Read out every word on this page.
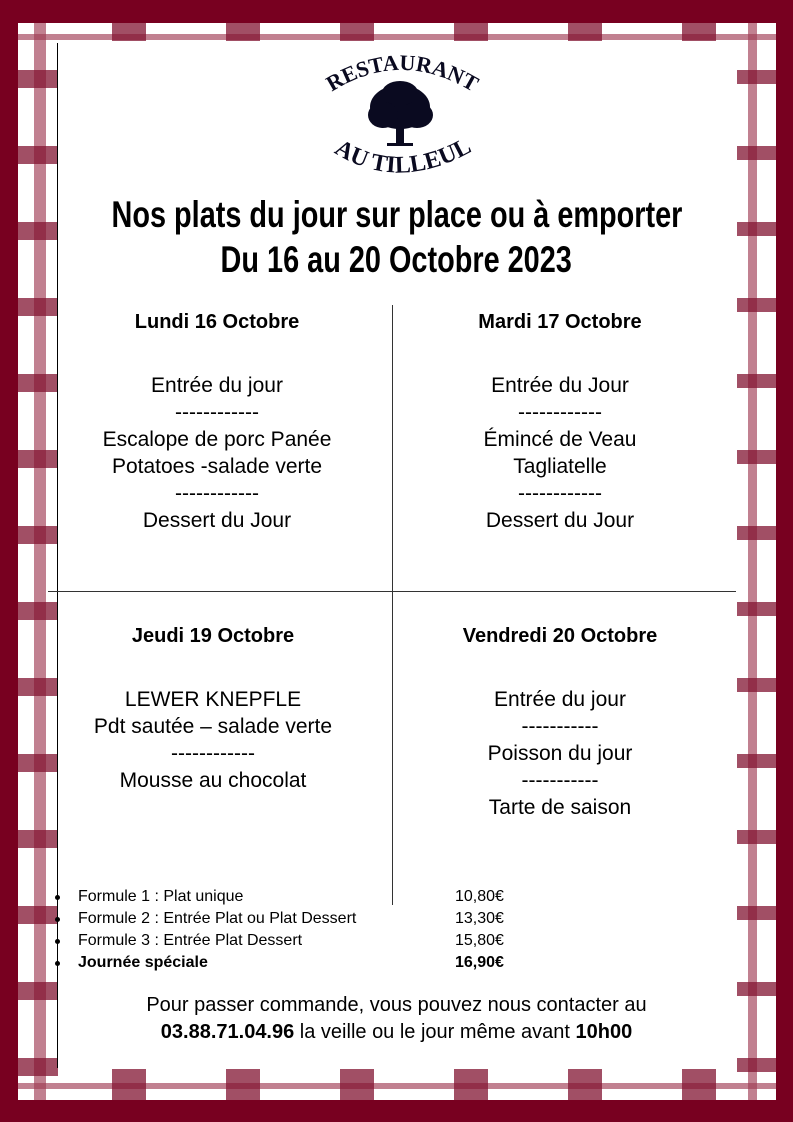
RESTAURANT
AU TILLEUL
Nos plats du jour sur place ou à emporter
Du 16 au 20 Octobre 2023
Lundi 16 Octobre
Entrée du jour
------------
Escalope de porc Panée
Potatoes -salade verte
------------
Dessert du Jour
Mardi 17 Octobre
Entrée du Jour
------------
Émincé de Veau
Tagliatelle
------------
Dessert du Jour
Jeudi 19 Octobre
LEWER KNEPFLE
Pdt sautée – salade verte
------------
Mousse au chocolat
Vendredi 20 Octobre
Entrée du jour
-----------
Poisson du jour
-----------
Tarte de saison
Formule 1 : Plat unique	10,80€
Formule 2 : Entrée Plat ou Plat Dessert	13,30€
Formule 3 : Entrée Plat Dessert	15,80€
Journée spéciale	16,90€
Pour passer commande, vous pouvez nous contacter au
03.88.71.04.96 la veille ou le jour même avant 10h00
